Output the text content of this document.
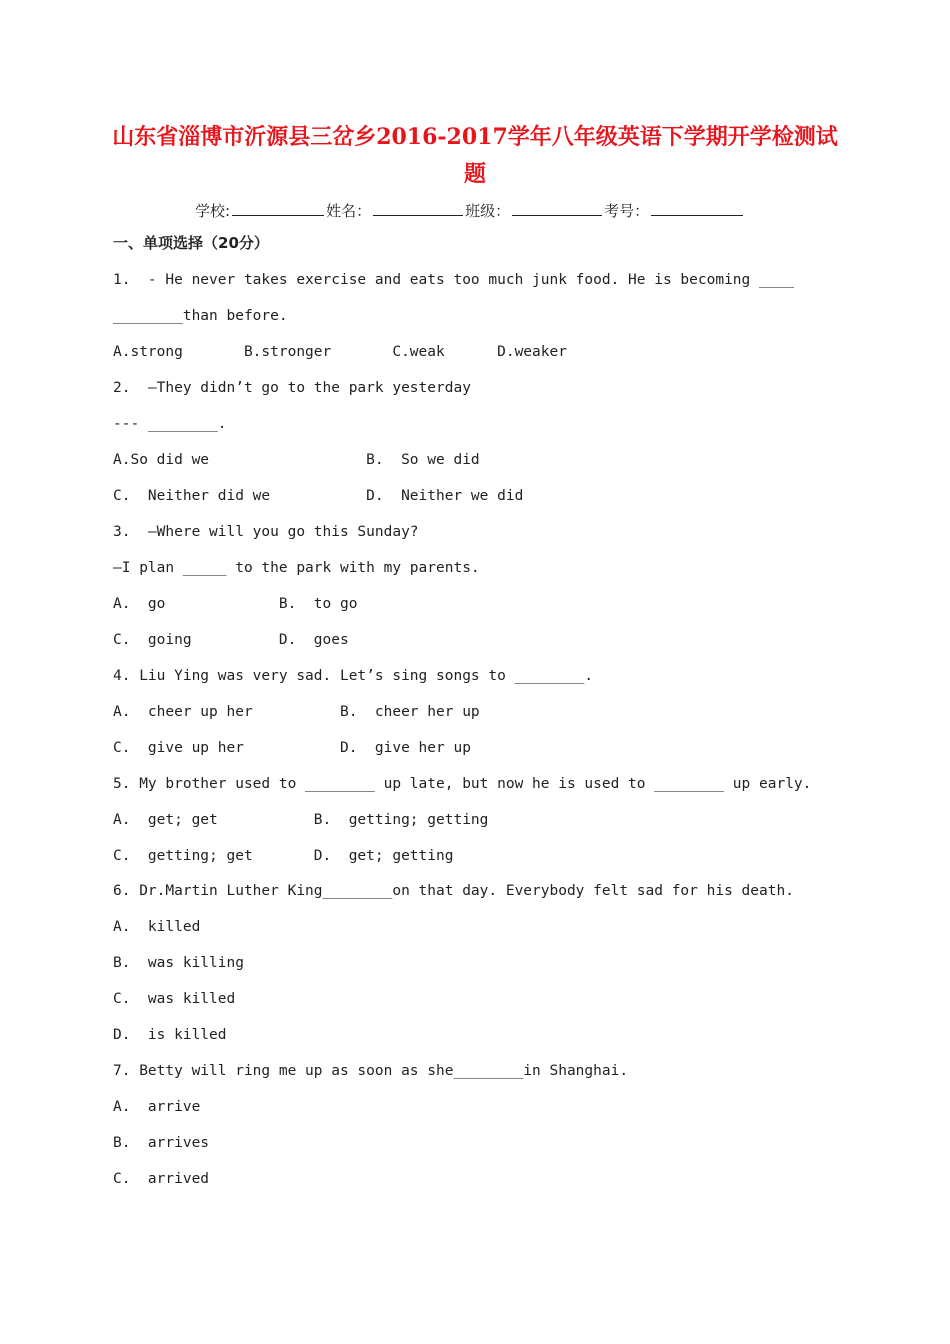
山东省淄博市沂源县三岔乡2016-2017学年八年级英语下学期开学检测试
题
学校:	姓名：	班级：	考号：
一、单项选择（20分）
1.  - He never takes exercise and eats too much junk food. He is becoming ____
________than before.
A.strong       B.stronger       C.weak      D.weaker
2.  —They didn’t go to the park yesterday
--- ________.
A.So did we                  B.  So we did
C.  Neither did we           D.  Neither we did
3.  —Where will you go this Sunday?
—I plan _____ to the park with my parents.
A.  go             B.  to go
C.  going          D.  goes
4. Liu Ying was very sad. Let’s sing songs to ________.
A.  cheer up her          B.  cheer her up
C.  give up her           D.  give her up
5. My brother used to ________ up late, but now he is used to ________ up early.
A.  get; get           B.  getting; getting
C.  getting; get       D.  get; getting
6. Dr.Martin Luther King________on that day. Everybody felt sad for his death.
A.  killed
B.  was killing
C.  was killed
D.  is killed
7. Betty will ring me up as soon as she________in Shanghai.
A.  arrive
B.  arrives
C.  arrived
